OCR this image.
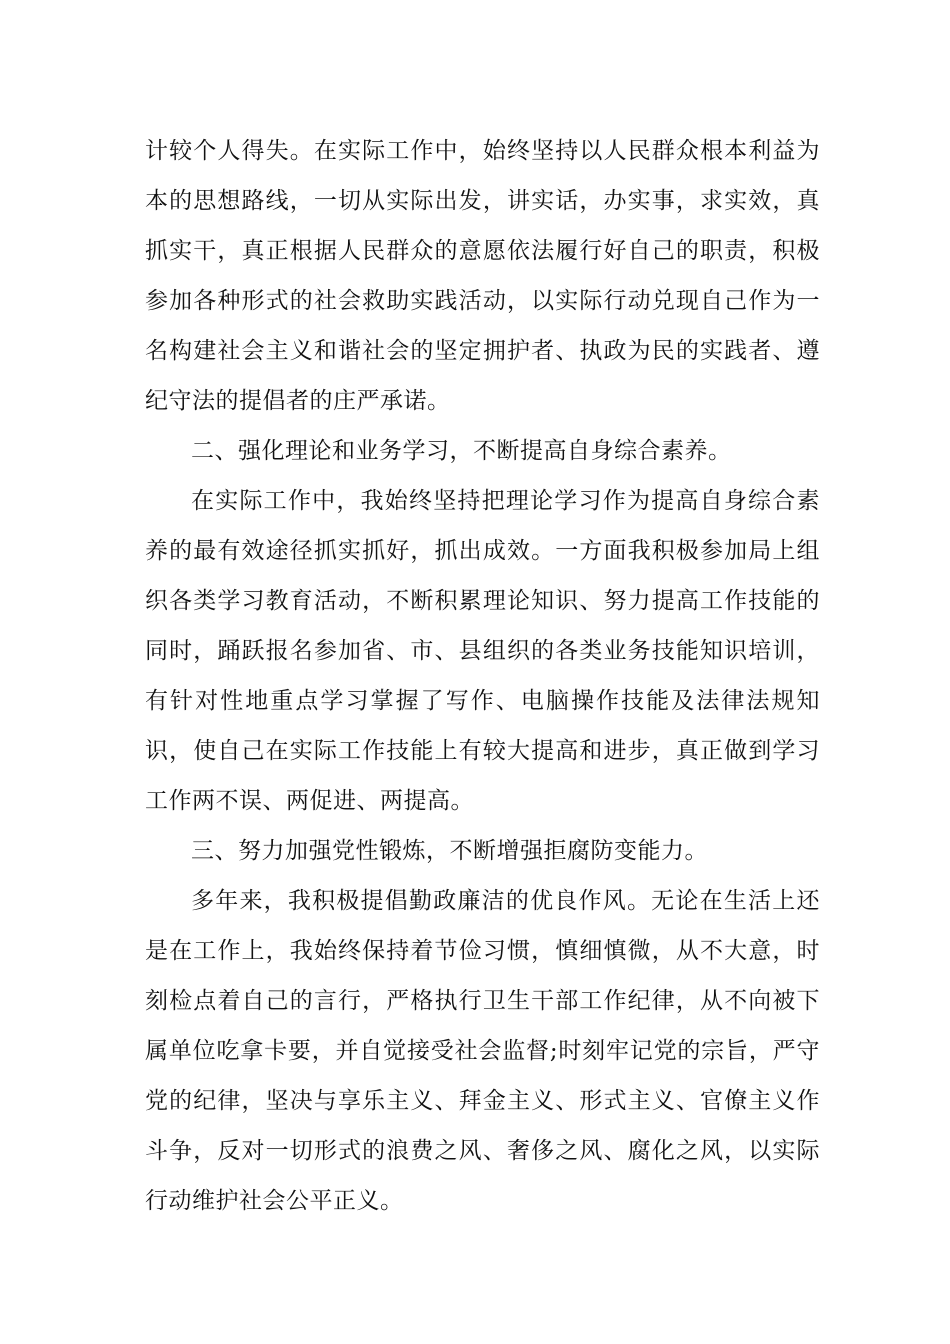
计较个人得失。在实际工作中，始终坚持以人民群众根本利益为本的思想路线，一切从实际出发，讲实话，办实事，求实效，真抓实干，真正根据人民群众的意愿依法履行好自己的职责，积极参加各种形式的社会救助实践活动，以实际行动兑现自己作为一名构建社会主义和谐社会的坚定拥护者、执政为民的实践者、遵纪守法的提倡者的庄严承诺。

二、强化理论和业务学习，不断提高自身综合素养。

在实际工作中，我始终坚持把理论学习作为提高自身综合素养的最有效途径抓实抓好，抓出成效。一方面我积极参加局上组织各类学习教育活动，不断积累理论知识、努力提高工作技能的同时，踊跃报名参加省、市、县组织的各类业务技能知识培训，有针对性地重点学习掌握了写作、电脑操作技能及法律法规知识，使自己在实际工作技能上有较大提高和进步，真正做到学习工作两不误、两促进、两提高。

三、努力加强党性锻炼，不断增强拒腐防变能力。

多年来，我积极提倡勤政廉洁的优良作风。无论在生活上还是在工作上，我始终保持着节俭习惯，慎细慎微，从不大意，时刻检点着自己的言行，严格执行卫生干部工作纪律，从不向被下属单位吃拿卡要，并自觉接受社会监督;时刻牢记党的宗旨，严守党的纪律，坚决与享乐主义、拜金主义、形式主义、官僚主义作斗争，反对一切形式的浪费之风、奢侈之风、腐化之风，以实际行动维护社会公平正义。
